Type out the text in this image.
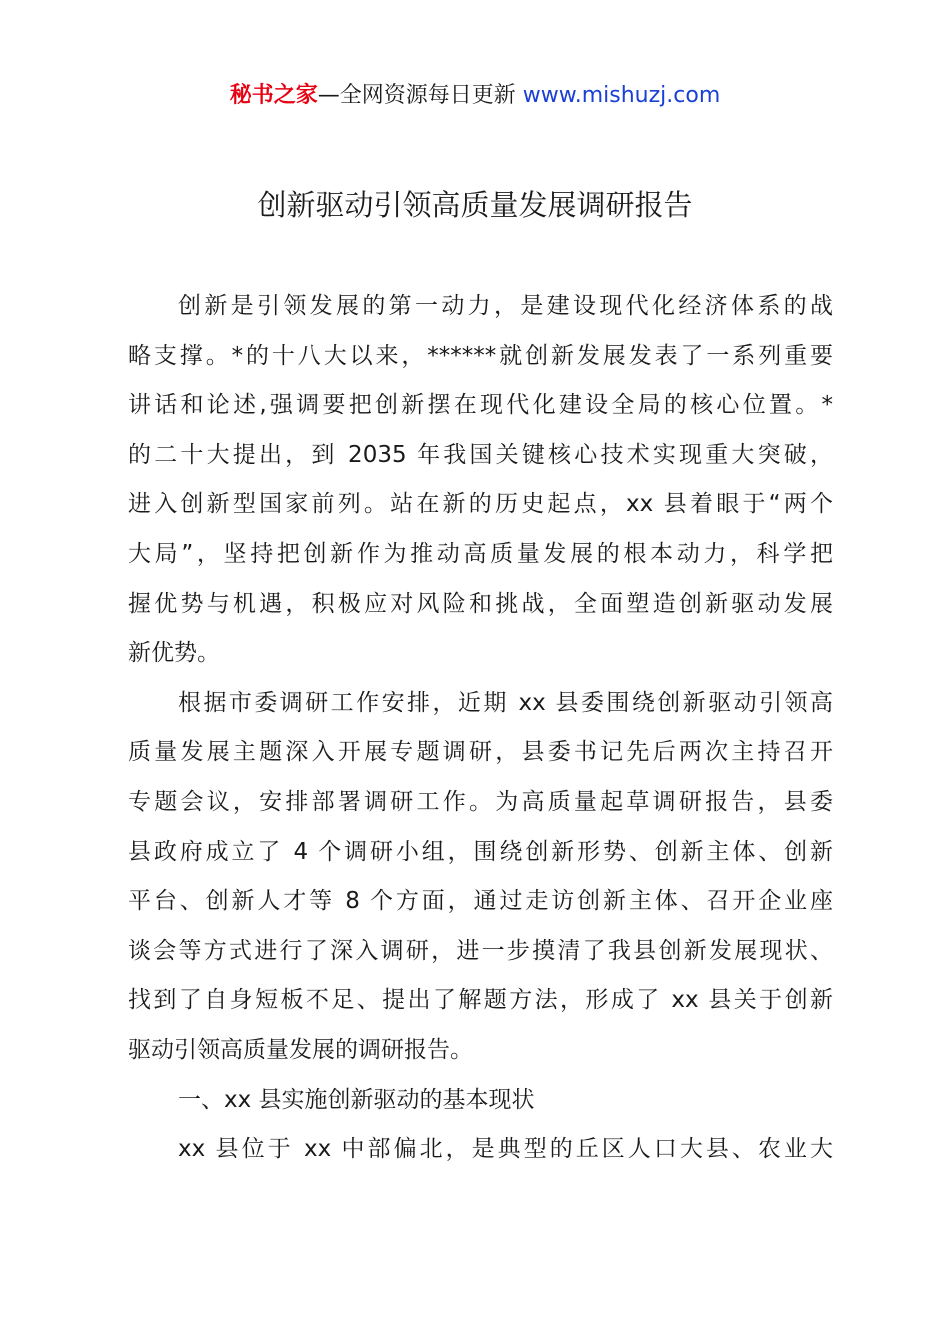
秘书之家—全网资源每日更新 www.mishuzj.com
创新驱动引领高质量发展调研报告
创新是引领发展的第一动力，是建设现代化经济体系的战
略支撑。*的十八大以来，******就创新发展发表了一系列重要
讲话和论述,强调要把创新摆在现代化建设全局的核心位置。*
的二十大提出，到 2035 年我国关键核心技术实现重大突破，
进入创新型国家前列。站在新的历史起点，xx 县着眼于“两个
大局”，坚持把创新作为推动高质量发展的根本动力，科学把
握优势与机遇，积极应对风险和挑战，全面塑造创新驱动发展
新优势。
根据市委调研工作安排，近期 xx 县委围绕创新驱动引领高
质量发展主题深入开展专题调研，县委书记先后两次主持召开
专题会议，安排部署调研工作。为高质量起草调研报告，县委
县政府成立了 4 个调研小组，围绕创新形势、创新主体、创新
平台、创新人才等 8 个方面，通过走访创新主体、召开企业座
谈会等方式进行了深入调研，进一步摸清了我县创新发展现状、
找到了自身短板不足、提出了解题方法，形成了 xx 县关于创新
驱动引领高质量发展的调研报告。
一、xx 县实施创新驱动的基本现状
xx 县位于 xx 中部偏北，是典型的丘区人口大县、农业大
